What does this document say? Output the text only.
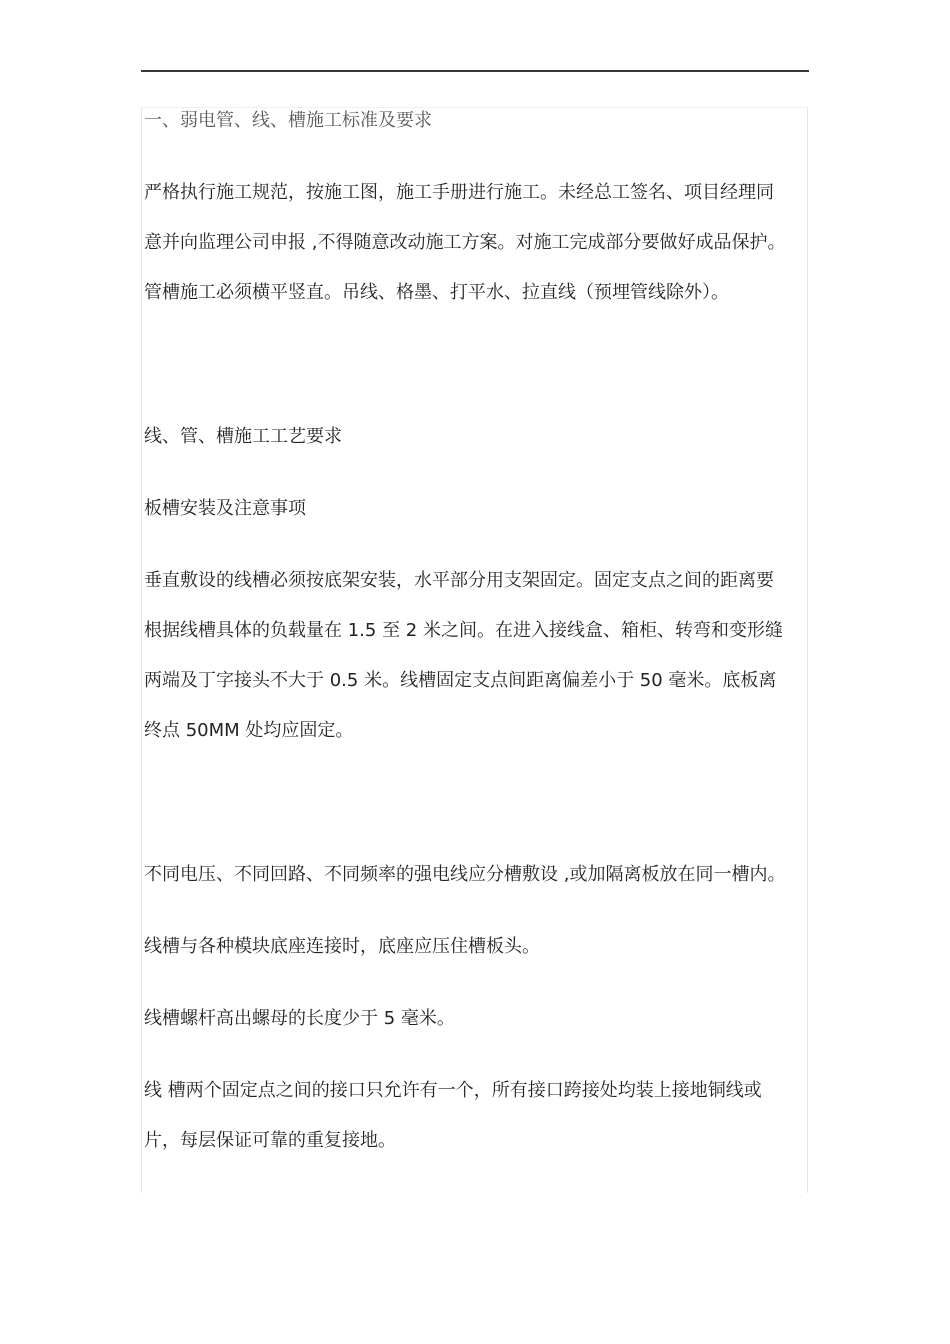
一、弱电管、线、槽施工标准及要求
严格执行施工规范，按施工图，施工手册进行施工。未经总工签名、项目经理同
意并向监理公司申报 ,不得随意改动施工方案。对施工完成部分要做好成品保护。
管槽施工必须横平竖直。吊线、格墨、打平水、拉直线（预埋管线除外）。
线、管、槽施工工艺要求
板槽安装及注意事项
垂直敷设的线槽必须按底架安装，水平部分用支架固定。固定支点之间的距离要
根据线槽具体的负载量在 1.5 至 2 米之间。在进入接线盒、箱柜、转弯和变形缝
两端及丁字接头不大于 0.5 米。线槽固定支点间距离偏差小于 50 毫米。底板离
终点 50MM 处均应固定。
不同电压、不同回路、不同频率的强电线应分槽敷设 ,或加隔离板放在同一槽内。
线槽与各种模块底座连接时，底座应压住槽板头。
线槽螺杆高出螺母的长度少于 5 毫米。
线 槽两个固定点之间的接口只允许有一个，所有接口跨接处均装上接地铜线或
片，每层保证可靠的重复接地。
